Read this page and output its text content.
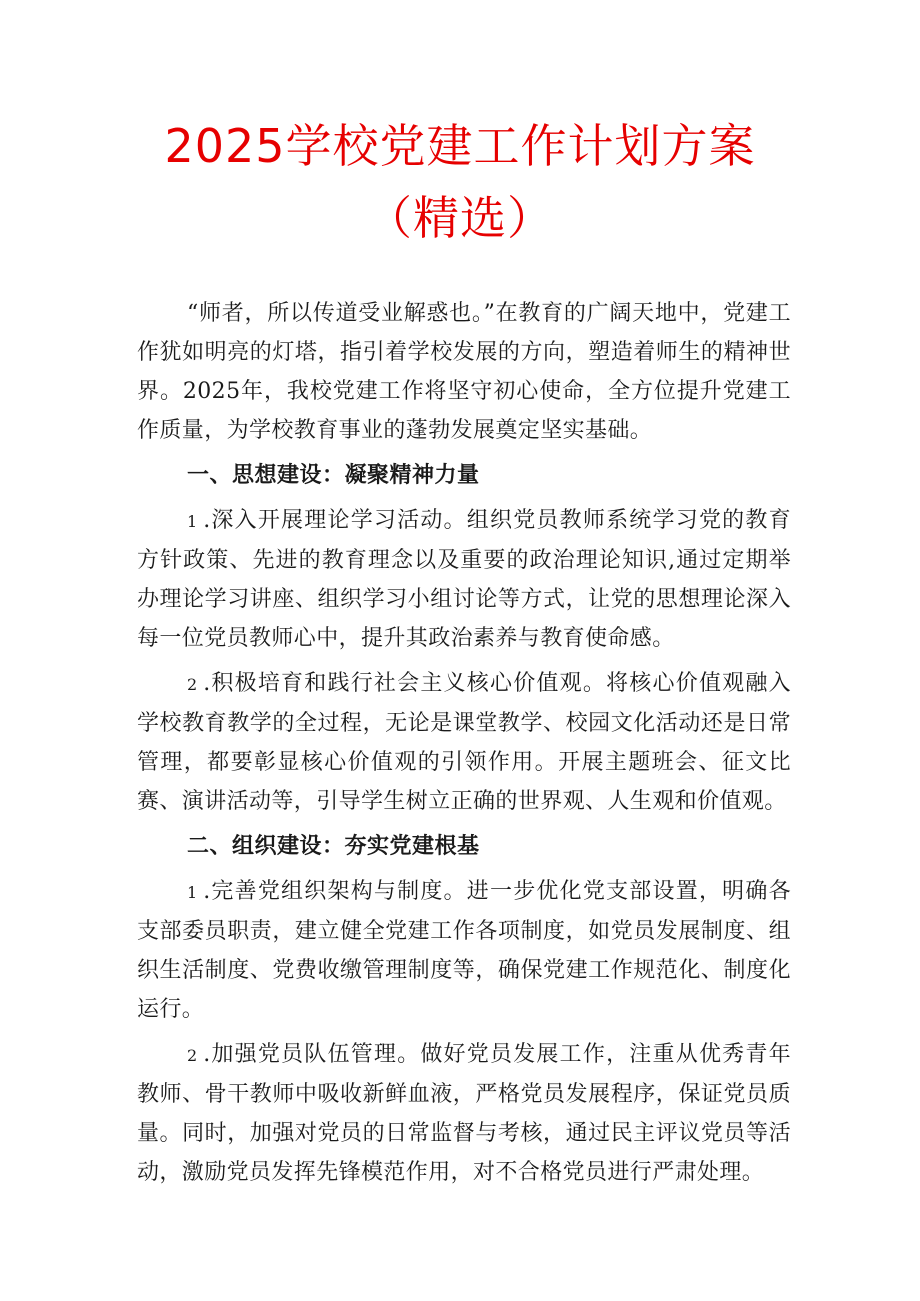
2025学校党建工作计划方案
（精选）

“师者，所以传道受业解惑也。”在教育的广阔天地中，党建工作犹如明亮的灯塔，指引着学校发展的方向，塑造着师生的精神世界。2025年，我校党建工作将坚守初心使命，全方位提升党建工作质量，为学校教育事业的蓬勃发展奠定坚实基础。

一、思想建设：凝聚精神力量

1.深入开展理论学习活动。组织党员教师系统学习党的教育方针政策、先进的教育理念以及重要的政治理论知识,通过定期举办理论学习讲座、组织学习小组讨论等方式，让党的思想理论深入每一位党员教师心中，提升其政治素养与教育使命感。

2.积极培育和践行社会主义核心价值观。将核心价值观融入学校教育教学的全过程，无论是课堂教学、校园文化活动还是日常管理，都要彰显核心价值观的引领作用。开展主题班会、征文比赛、演讲活动等，引导学生树立正确的世界观、人生观和价值观。

二、组织建设：夯实党建根基

1.完善党组织架构与制度。进一步优化党支部设置，明确各支部委员职责，建立健全党建工作各项制度，如党员发展制度、组织生活制度、党费收缴管理制度等，确保党建工作规范化、制度化运行。

2.加强党员队伍管理。做好党员发展工作，注重从优秀青年教师、骨干教师中吸收新鲜血液，严格党员发展程序，保证党员质量。同时，加强对党员的日常监督与考核，通过民主评议党员等活动，激励党员发挥先锋模范作用，对不合格党员进行严肃处理。
